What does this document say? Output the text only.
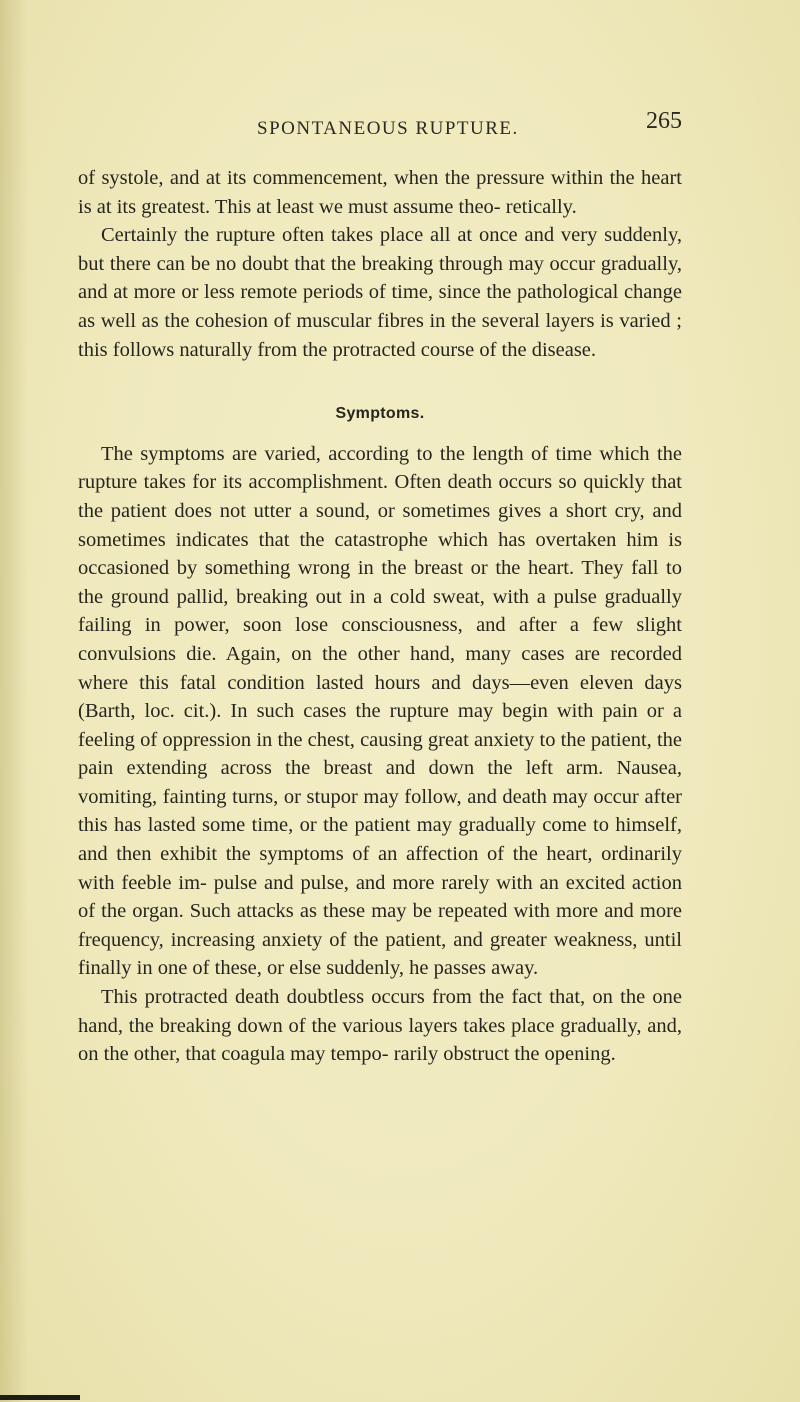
SPONTANEOUS RUPTURE.	265

of systole, and at its commencement, when the pressure within the heart is at its greatest. This at least we must assume theo- retically.

Certainly the rupture often takes place all at once and very suddenly, but there can be no doubt that the breaking through may occur gradually, and at more or less remote periods of time, since the pathological change as well as the cohesion of muscular fibres in the several layers is varied ; this follows naturally from the protracted course of the disease.

Symptoms.

The symptoms are varied, according to the length of time which the rupture takes for its accomplishment. Often death occurs so quickly that the patient does not utter a sound, or sometimes gives a short cry, and sometimes indicates that the catastrophe which has overtaken him is occasioned by something wrong in the breast or the heart. They fall to the ground pallid, breaking out in a cold sweat, with a pulse gradually failing in power, soon lose consciousness, and after a few slight convulsions die. Again, on the other hand, many cases are recorded where this fatal condition lasted hours and days—even eleven days (Barth, loc. cit.). In such cases the rupture may begin with pain or a feeling of oppression in the chest, causing great anxiety to the patient, the pain extending across the breast and down the left arm. Nausea, vomiting, fainting turns, or stupor may follow, and death may occur after this has lasted some time, or the patient may gradually come to himself, and then exhibit the symptoms of an affection of the heart, ordinarily with feeble im- pulse and pulse, and more rarely with an excited action of the organ. Such attacks as these may be repeated with more and more frequency, increasing anxiety of the patient, and greater weakness, until finally in one of these, or else suddenly, he passes away.

This protracted death doubtless occurs from the fact that, on the one hand, the breaking down of the various layers takes place gradually, and, on the other, that coagula may tempo- rarily obstruct the opening.
